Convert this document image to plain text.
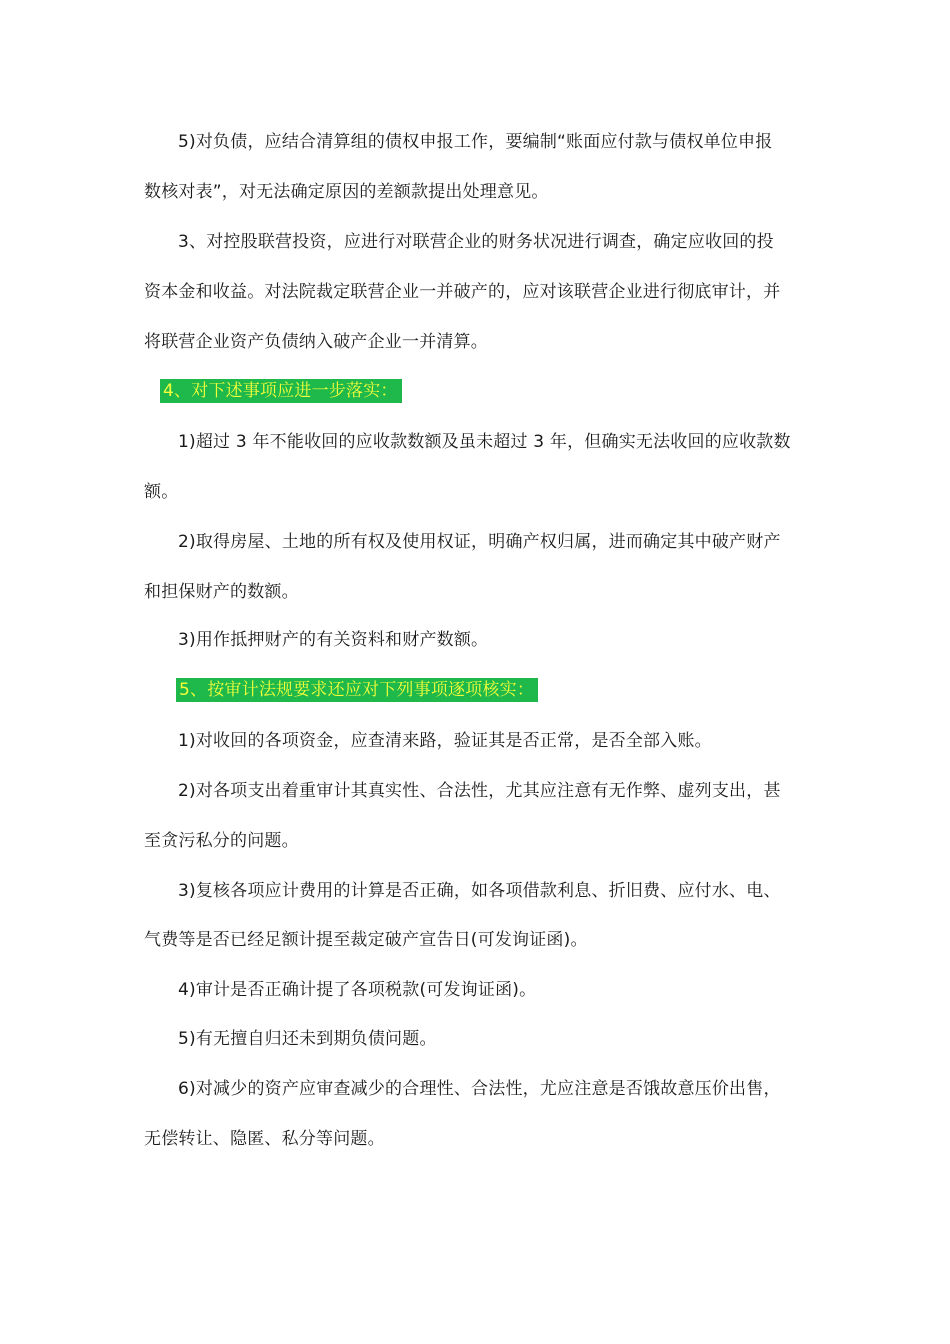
5)对负债，应结合清算组的债权申报工作，要编制“账面应付款与债权单位申报
数核对表”，对无法确定原因的差额款提出处理意见。
3、对控股联营投资，应进行对联营企业的财务状况进行调查，确定应收回的投
资本金和收益。对法院裁定联营企业一并破产的，应对该联营企业进行彻底审计，并
将联营企业资产负债纳入破产企业一并清算。
4、对下述事项应进一步落实：
1)超过 3 年不能收回的应收款数额及虽未超过 3 年，但确实无法收回的应收款数
额。
2)取得房屋、土地的所有权及使用权证，明确产权归属，进而确定其中破产财产
和担保财产的数额。
3)用作抵押财产的有关资料和财产数额。
5、按审计法规要求还应对下列事项逐项核实：
1)对收回的各项资金，应查清来路，验证其是否正常，是否全部入账。
2)对各项支出着重审计其真实性、合法性，尤其应注意有无作弊、虚列支出，甚
至贪污私分的问题。
3)复核各项应计费用的计算是否正确，如各项借款利息、折旧费、应付水、电、
气费等是否已经足额计提至裁定破产宣告日(可发询证函)。
4)审计是否正确计提了各项税款(可发询证函)。
5)有无擅自归还未到期负债问题。
6)对减少的资产应审查减少的合理性、合法性，尤应注意是否饿故意压价出售，
无偿转让、隐匿、私分等问题。
